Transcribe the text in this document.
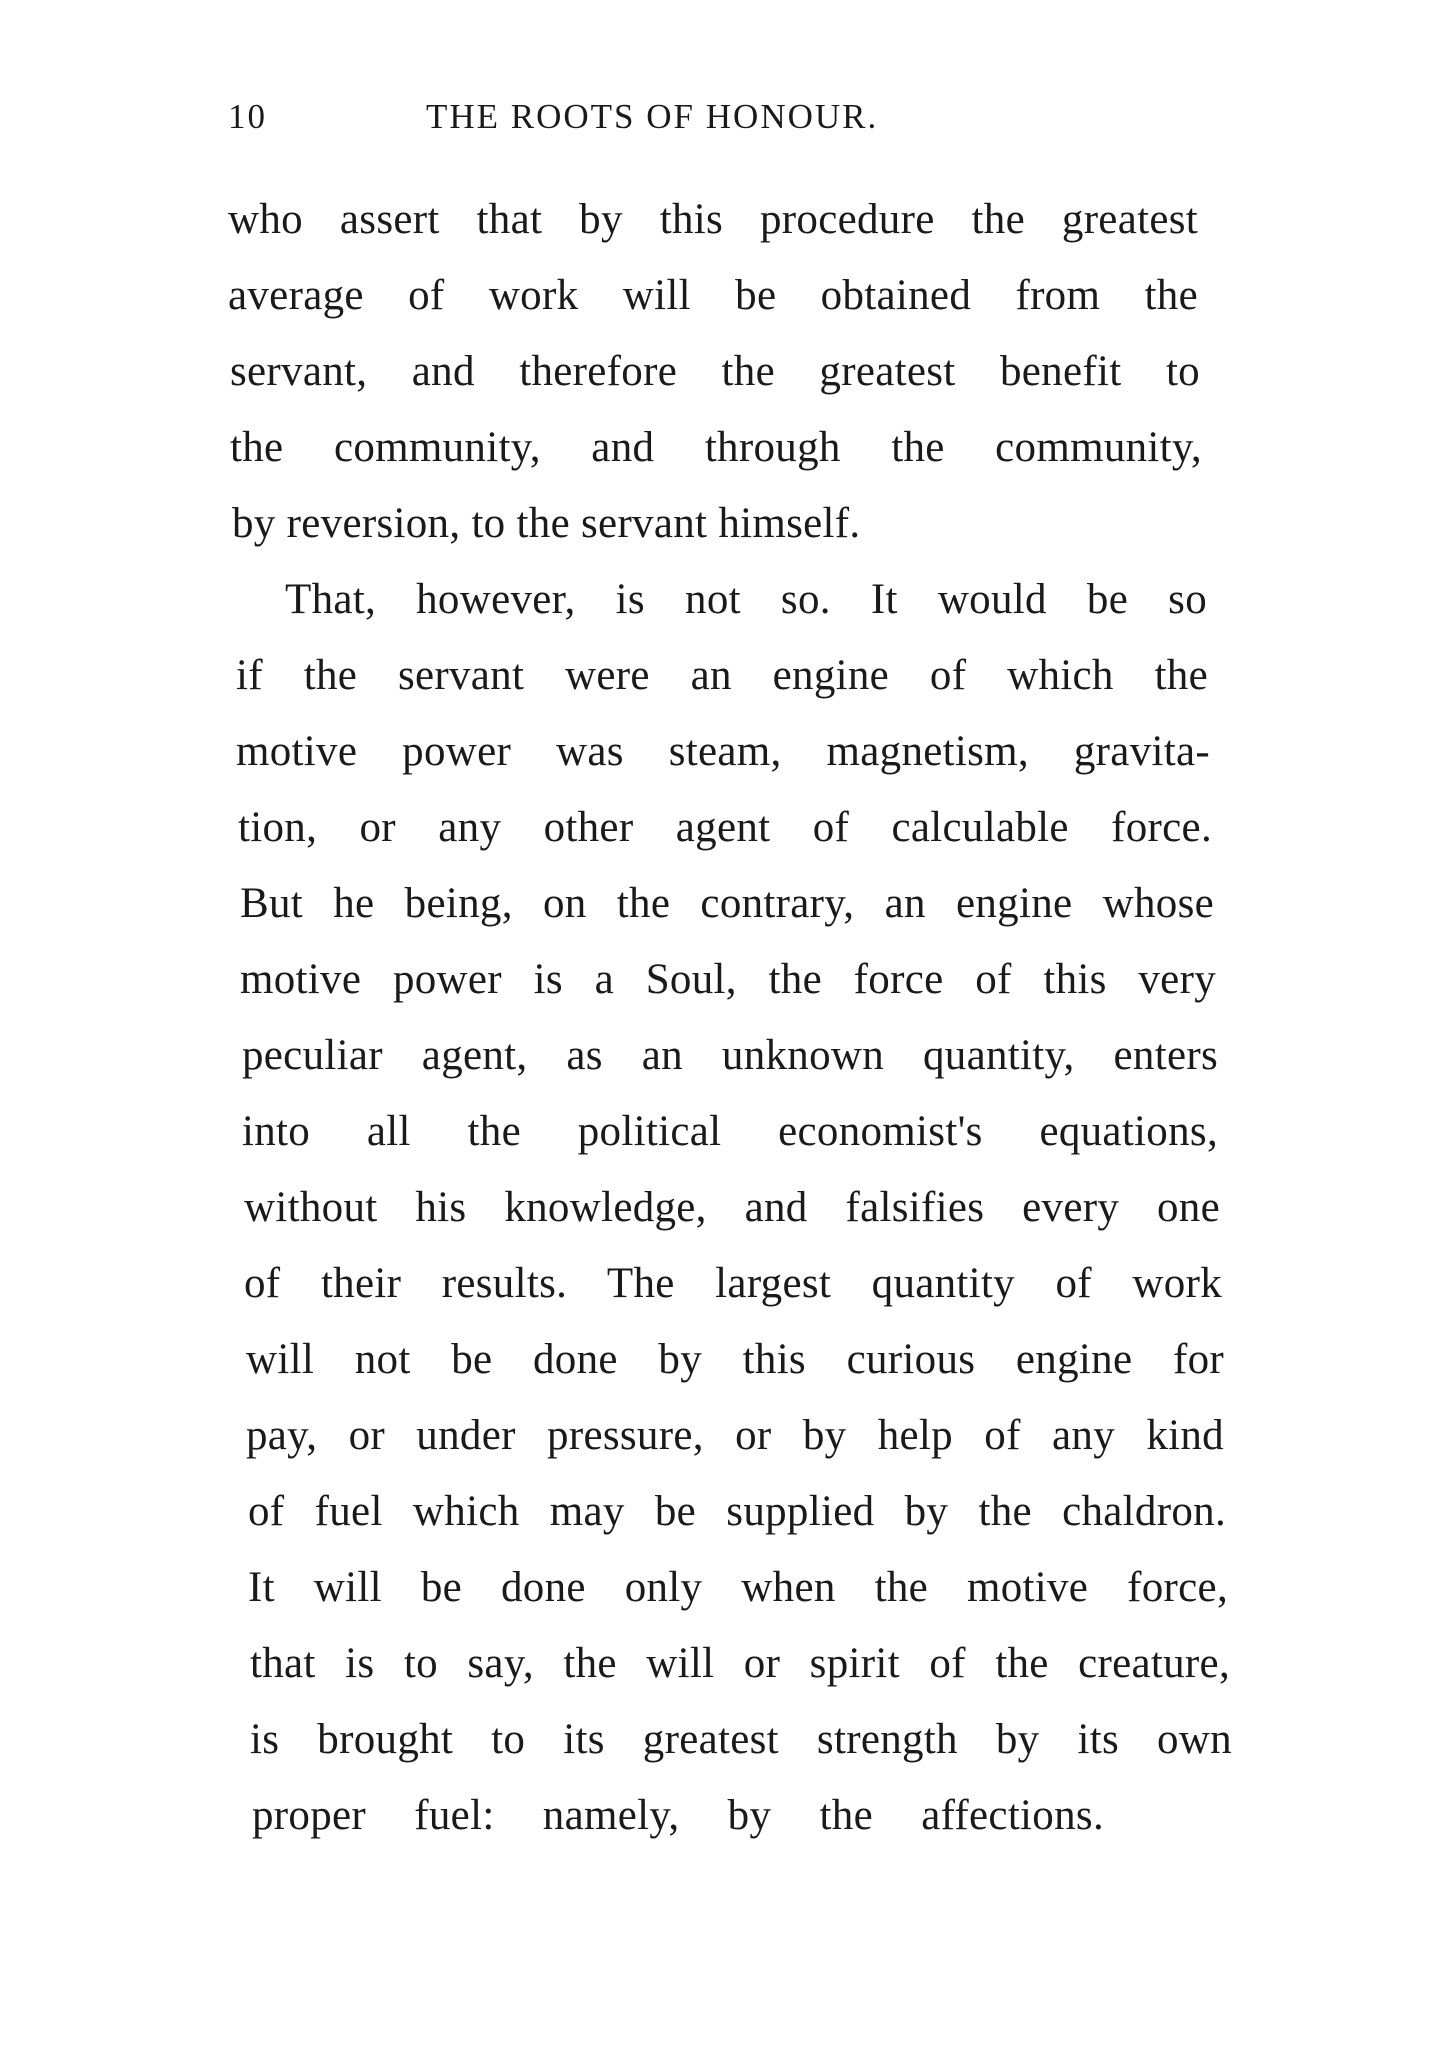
10	THE ROOTS OF HONOUR.
who assert that by this procedure the greatest
average of work will be obtained from the
servant, and therefore the greatest benefit to
the community, and through the community,
by reversion, to the servant himself.
That, however, is not so. It would be so
if the servant were an engine of which the
motive power was steam, magnetism, gravita-
tion, or any other agent of calculable force.
But he being, on the contrary, an engine whose
motive power is a Soul, the force of this very
peculiar agent, as an unknown quantity, enters
into all the political economist's equations,
without his knowledge, and falsifies every one
of their results. The largest quantity of work
will not be done by this curious engine for
pay, or under pressure, or by help of any kind
of fuel which may be supplied by the chaldron.
It will be done only when the motive force,
that is to say, the will or spirit of the creature,
is brought to its greatest strength by its own
proper fuel: namely, by the affections.
